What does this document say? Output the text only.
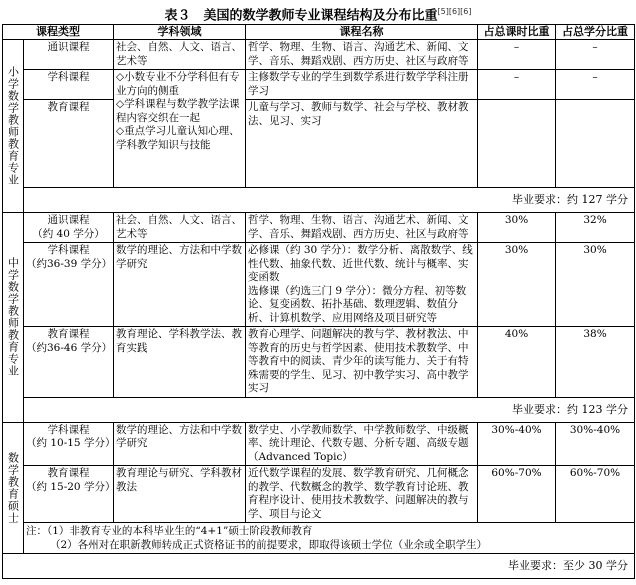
表３　美国的数学教师专业课程结构及分布比重[5][6][6]
课程类型		学科领域	课程名称	占总课时比重	占总学分比重

小学数学教师教育专业	通识课程	社会、自然、人文、语言、艺术等	哲学、物理、生物、语言、沟通艺术、新闻、文学、音乐、舞蹈戏剧、西方历史、社区与政府等	–	–
	学科课程	◇小数专业不分学科但有专业方向的侧重
◇学科课程与数学教学法课程内容交织在一起
◇重点学习儿童认知心理、学科教学知识与技能	主修数学专业的学生到数学系进行数学学科注册学习	–	–
	教育课程		儿童与学习、教师与数学、社会与学校、教材教法、见习、实习		
	毕业要求：约 127 学分				

中学数学教师教育专业	通识课程
（约 40 学分）	社会、自然、人文、语言、艺术等	哲学、物理、生物、语言、沟通艺术、新闻、文学、音乐、舞蹈戏剧、西方历史、社区与政府等	30%	32%
	学科课程
（约36-39 学分）	数学的理论、方法和中学数学研究	必修课（约 30 学分）：数学分析、离散数学、线性代数、抽象代数、近世代数、统计与概率、实变函数
选修课（约选三门 9 学分）：微分方程、初等数论、复变函数、拓扑基础、数理逻辑、数值分析、计算机数学、应用网络及项目研究等	30%	30%
	教育课程
（约36-46 学分）	教育理论、学科教学法、教育实践	教育心理学、问题解决的教与学、教材教法、中等教育的历史与哲学因素、使用技术教数学、中等教育中的阅读、青少年的读写能力、关于有特殊需要的学生、见习、初中教学实习、高中教学实习	40%	38%
	毕业要求：约 123 学分				

数学教育硕士	学科课程
（约 10-15 学分）	数学的理论、方法和中学数学研究	数学史、小学教师数学、中学教师数学、中级概率、统计理论、代数专题、分析专题、高级专题（Advanced Topic）	30%-40%	30%-40%
	教育课程
（约 15-20 学分）	教育理论与研究、学科教材教法	近代数学课程的发展、数学教育研究、几何概念的教学、代数概念的教学、数学教育讨论班、教育程序设计、使用技术教数学、问题解决的教与学、项目与论文	60%-70%	60%-70%

	注：（1）非教育专业的本科毕业生的“4+1”硕士阶段教师教育
（2）各州对在职新教师转成正式资格证书的前提要求，即取得该硕士学位（业余或全职学生）				

毕业要求：至少 30 学分					
